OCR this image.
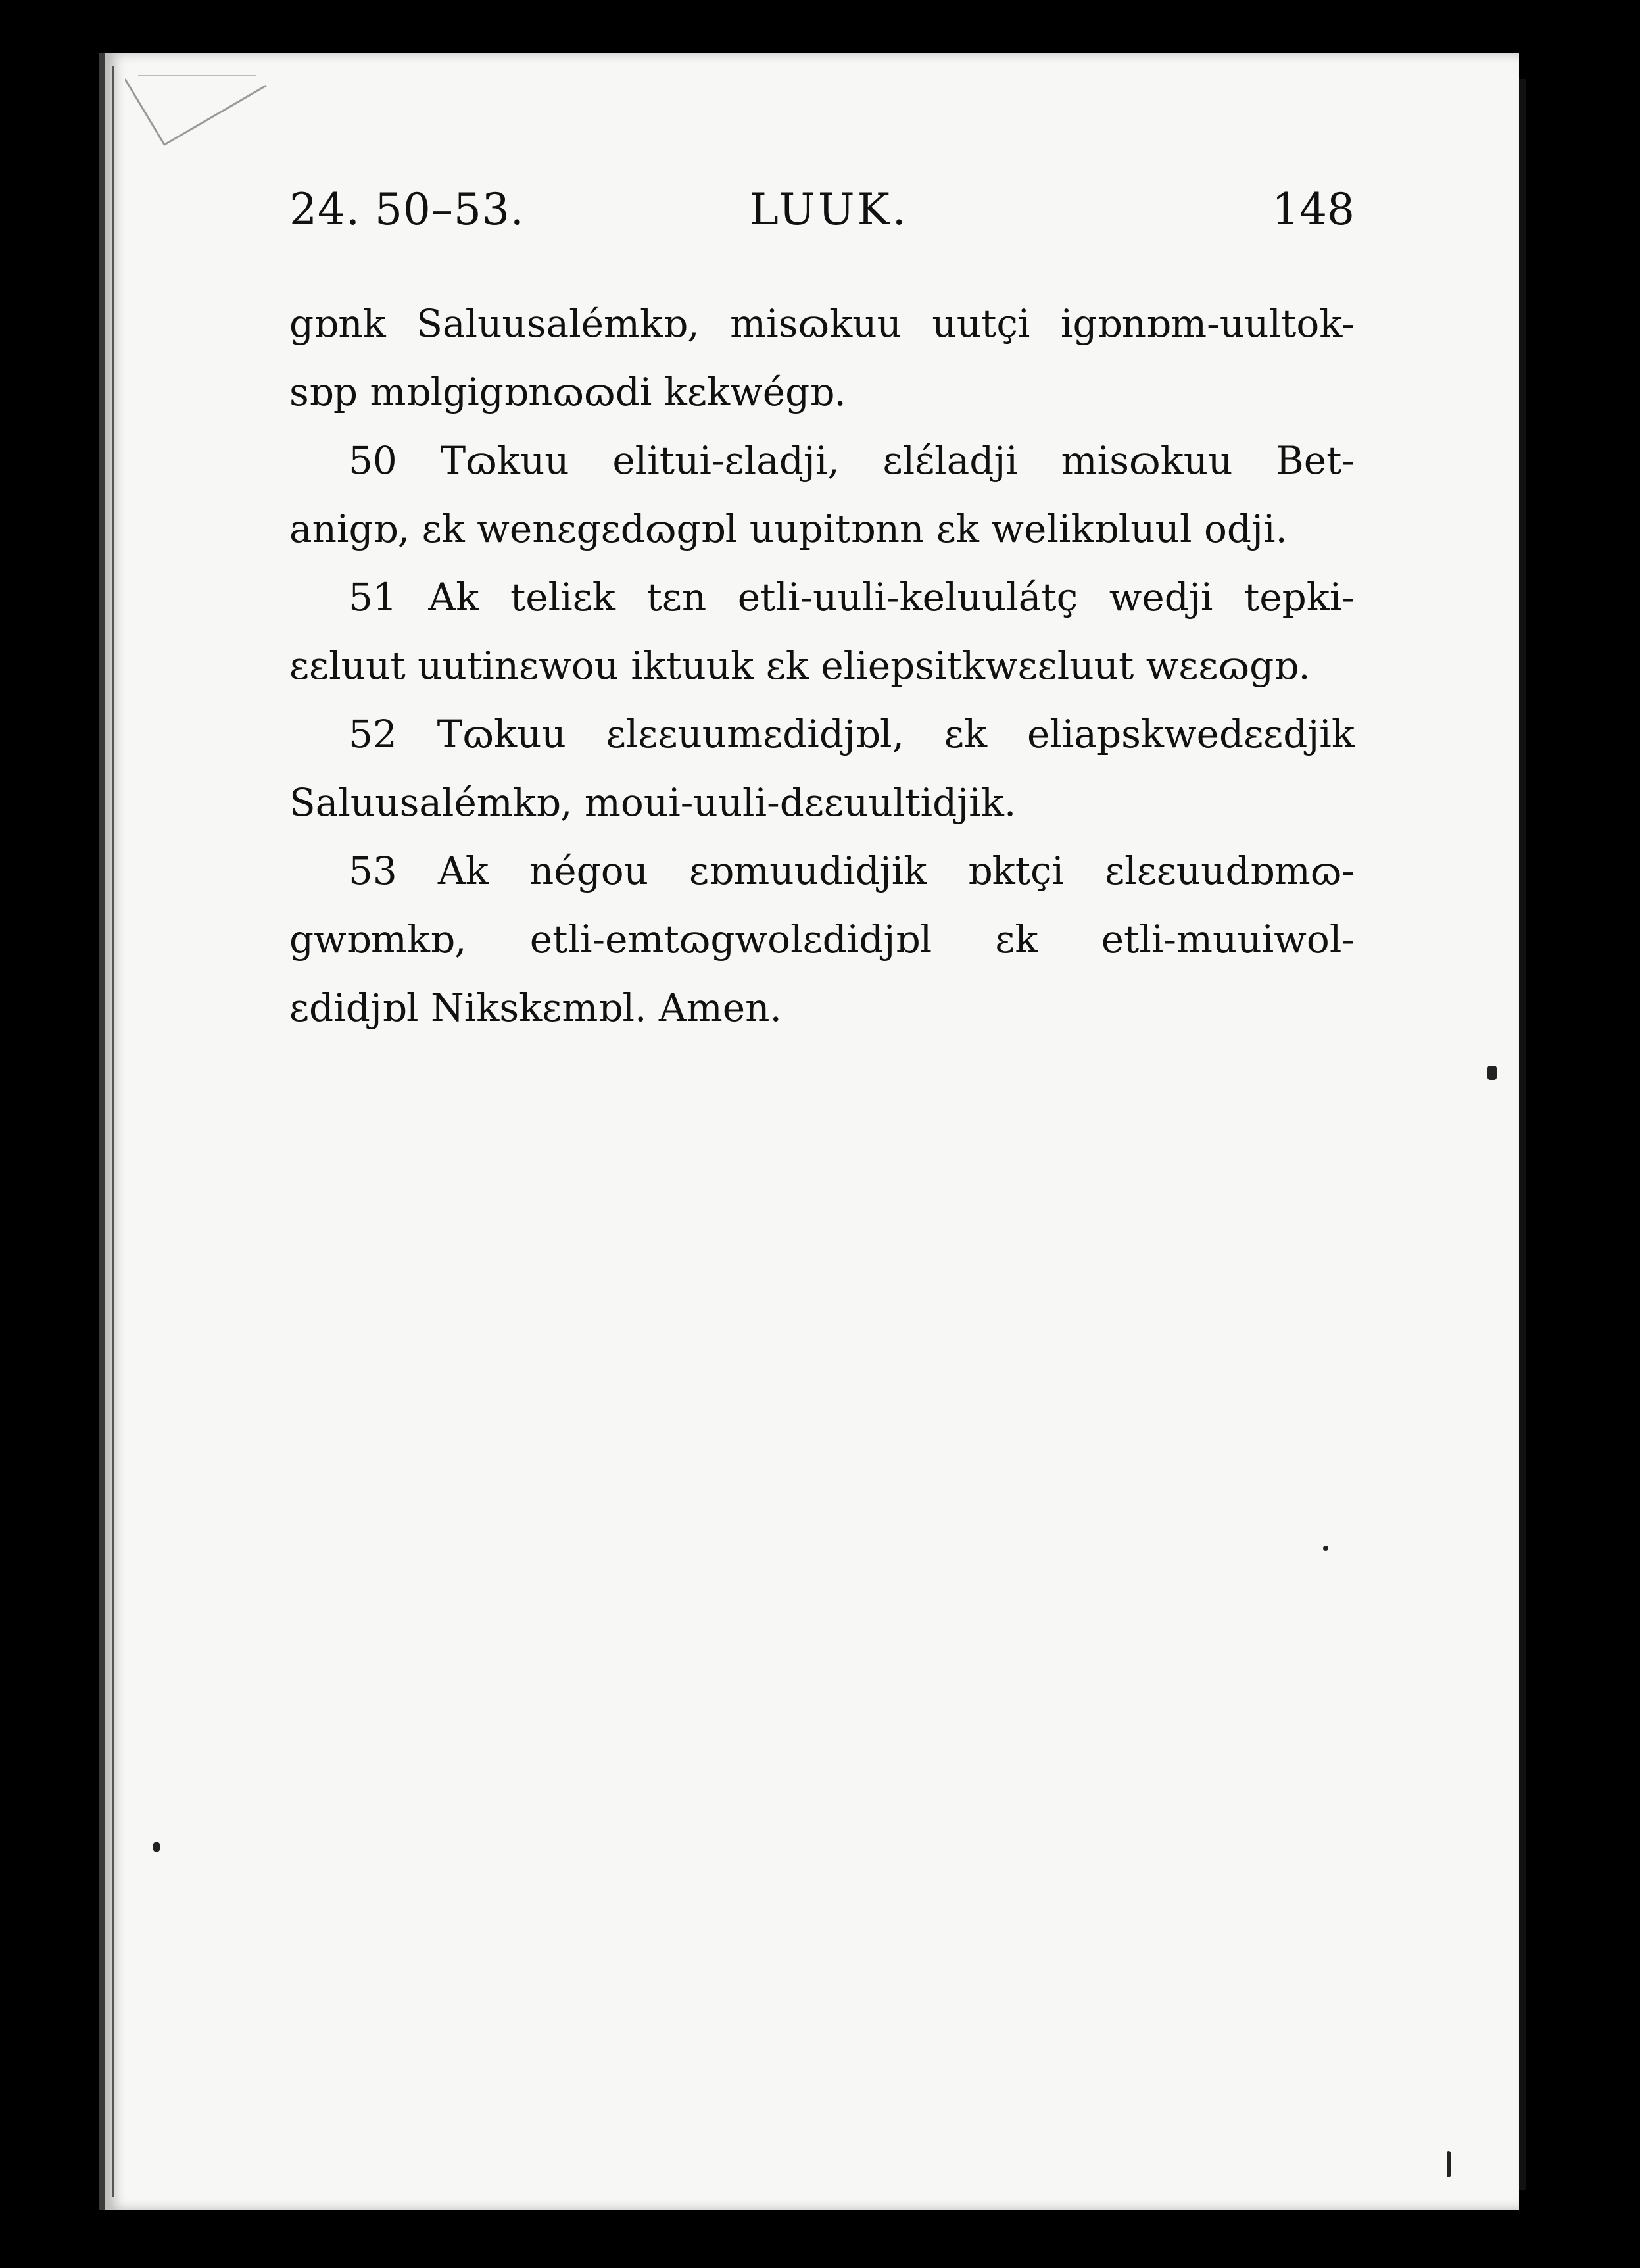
24. 50–53.	LUUK.	148
gɒnk Saluusalémkɒ, misɷkuu uutçi igɒnɒm-uultok-
sɒp mɒlgigɒnɷɷdi kɛkwégɒ.
50 Tɷkuu elitui-ɛladji, ɛlɛ́ladji misɷkuu Bet-
anigɒ, ɛk wenɛgɛdɷgɒl uupitɒnn ɛk welikɒluul odji.
51 Ak teliɛk tɛn etli-uuli-keluulátç wedji tepki-
ɛɛluut uutinɛwou iktuuk ɛk eliepsitkwɛɛluut wɛɛɷgɒ.
52 Tɷkuu ɛlɛɛuumɛdidjɒl, ɛk eliapskwedɛɛdjik
Saluusalémkɒ, moui-uuli-dɛɛuultidjik.
53 Ak négou ɛɒmuudidjik ɒktçi ɛlɛɛuudɒmɷ-
gwɒmkɒ, etli-emtɷgwolɛdidjɒl ɛk etli-muuiwol-
ɛdidjɒl Nikskɛmɒl. Amen.
